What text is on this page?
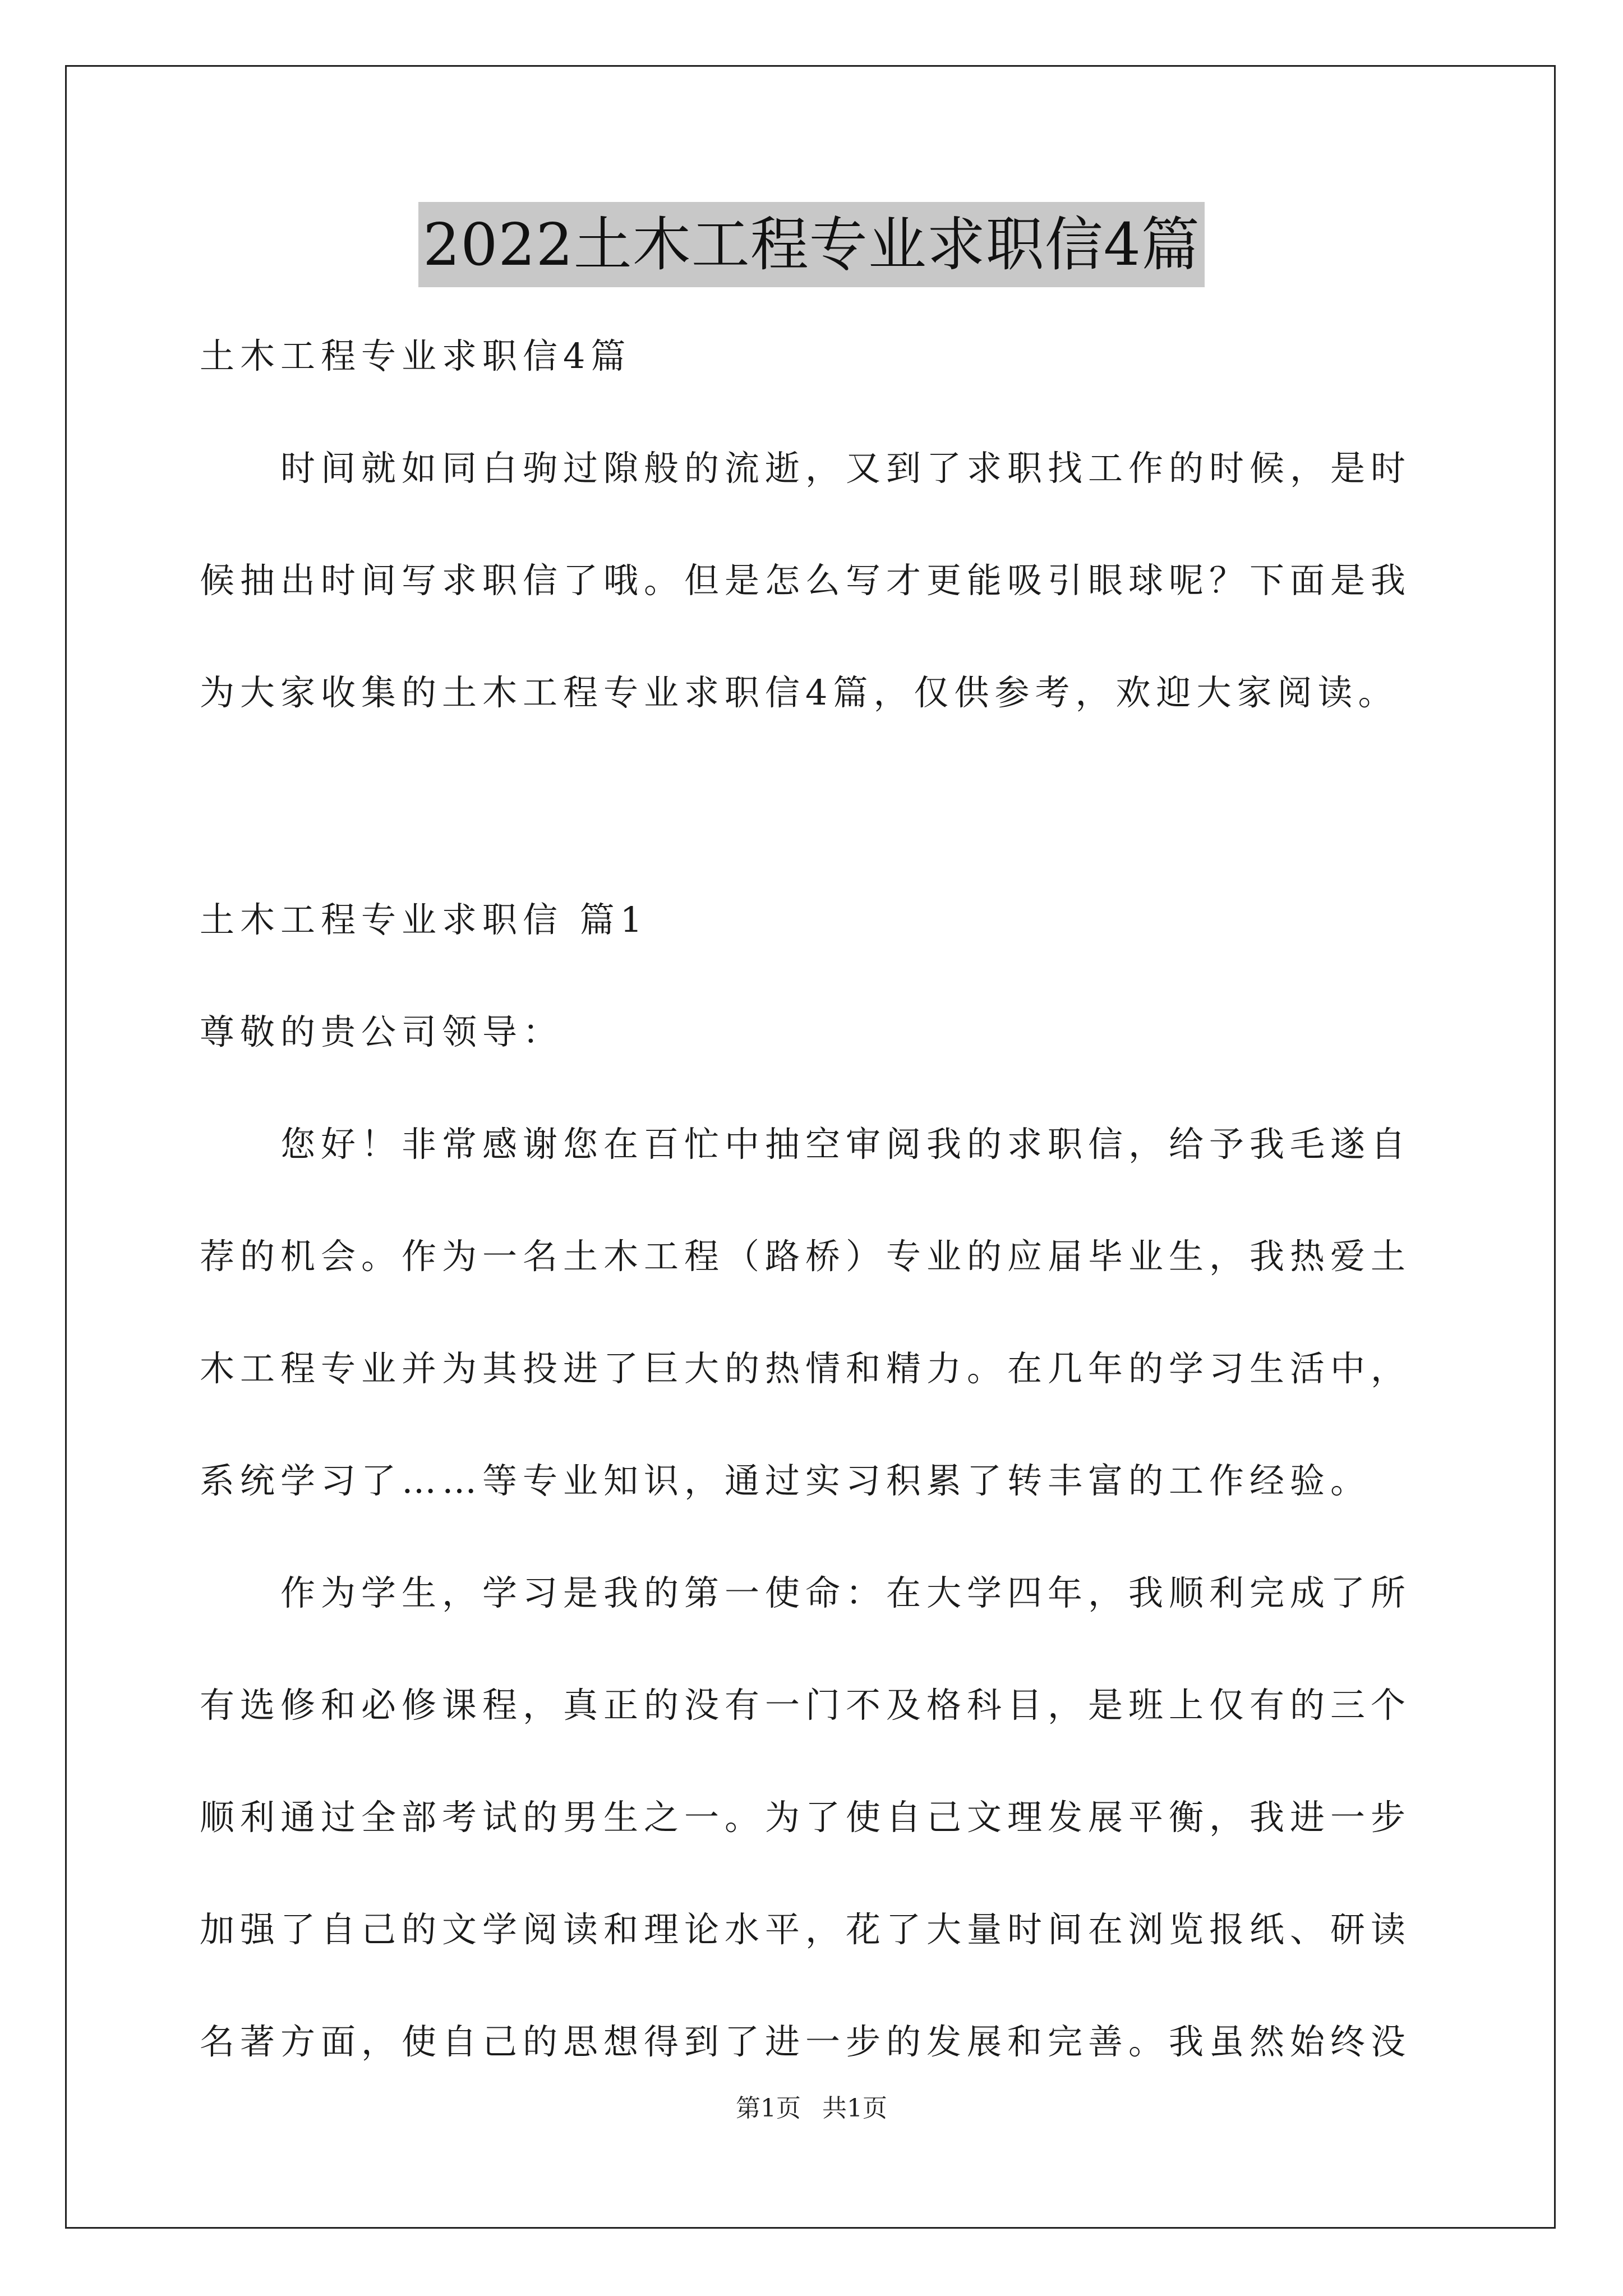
2022土木工程专业求职信4篇

土木工程专业求职信4篇

时间就如同白驹过隙般的流逝，又到了求职找工作的时候，是时

候抽出时间写求职信了哦。但是怎么写才更能吸引眼球呢？下面是我

为大家收集的土木工程专业求职信4篇，仅供参考，欢迎大家阅读。

土木工程专业求职信 篇1

尊敬的贵公司领导：

您好！非常感谢您在百忙中抽空审阅我的求职信，给予我毛遂自

荐的机会。作为一名土木工程（路桥）专业的应届毕业生，我热爱土

木工程专业并为其投进了巨大的热情和精力。在几年的学习生活中，

系统学习了……等专业知识，通过实习积累了转丰富的工作经验。

作为学生，学习是我的第一使命：在大学四年，我顺利完成了所

有选修和必修课程，真正的没有一门不及格科目，是班上仅有的三个

顺利通过全部考试的男生之一。为了使自己文理发展平衡，我进一步

加强了自己的文学阅读和理论水平，花了大量时间在浏览报纸、研读

名著方面，使自己的思想得到了进一步的发展和完善。我虽然始终没

第1页 共1页
